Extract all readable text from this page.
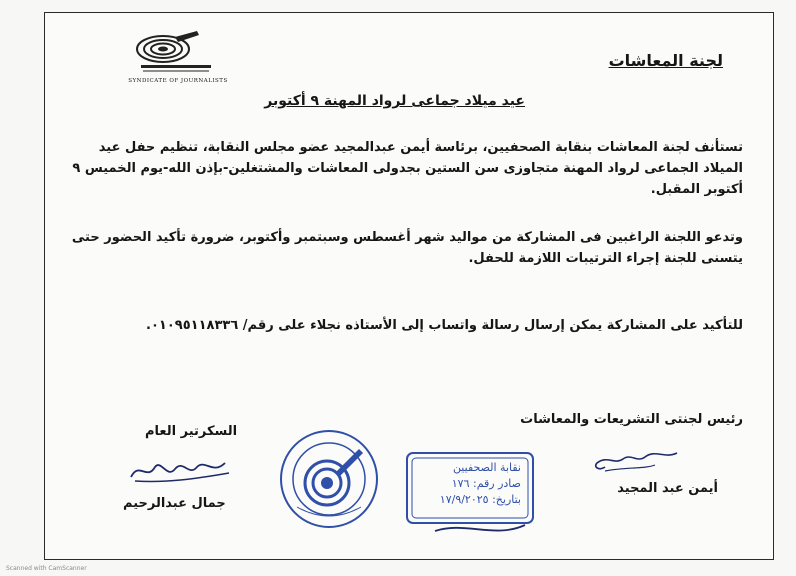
SYNDICATE OF JOURNALISTS
لجنة المعاشات
عيد ميلاد جماعى لرواد المهنة ٩ أكتوبر
تستأنف لجنة المعاشات بنقابة الصحفيين، برئاسة أيمن عبدالمجيد عضو مجلس النقابة، تنظيم حفل عيد الميلاد الجماعى لرواد المهنة متجاوزى سن الستين بجدولى المعاشات والمشتغلين-بإذن الله-يوم الخميس ٩ أكتوبر المقبل.
وتدعو اللجنة الراغبين فى المشاركة من مواليد شهر أغسطس وسبتمبر وأكتوبر، ضرورة تأكيد الحضور حتى يتسنى للجنة إجراء الترتيبات اللازمة للحفل.
للتأكيد على المشاركة يمكن إرسال رسالة واتساب إلى الأستاذه نجلاء على رقم/ ٠١٠٩٥١١٨٣٣٦.
رئيس لجنتى التشريعات والمعاشات
أيمن عبد المجيد
السكرتير العام
جمال عبدالرحيم
نقابة الصحفيين
صادر رقم: ١٧٦
بتاريخ: ١٧/٩/٢٠٢٥
Scanned with CamScanner
